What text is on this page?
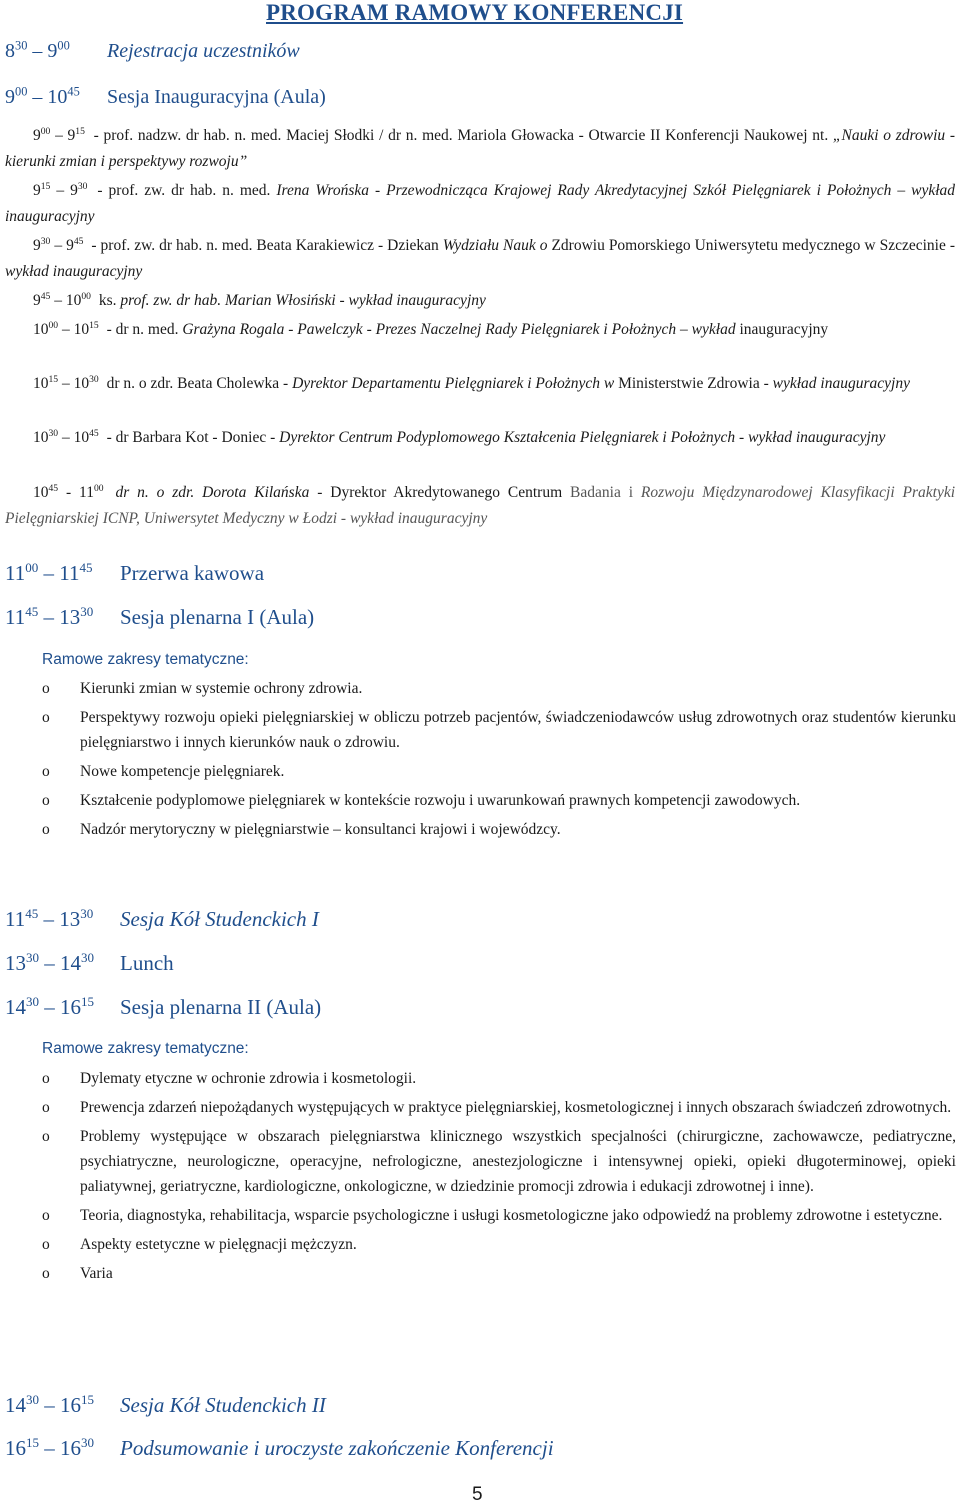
PROGRAM RAMOWY KONFERENCJI
$8^{30} - 9^{00}$ Rejestracja uczestników
$9^{00} - 10^{45}$ Sesja Inauguracyjna (Aula)
$9^{00} - 9^{15}$ - prof. nadzw. dr hab. n. med. Maciej Słodki / dr n. med. Mariola Głowacka - Otwarcie II Konferencji Naukowej nt. „Nauki o zdrowiu - kierunki zmian i perspektywy rozwoju”
$9^{15} - 9^{30}$ - prof. zw. dr hab. n. med. Irena Wrońska - Przewodnicząca Krajowej Rady Akredytacyjnej Szkół Pielęgniarek i Położnych – wykład inauguracyjny
$9^{30} - 9^{45}$ - prof. zw. dr hab. n. med. Beata Karakiewicz - Dziekan Wydziału Nauk o Zdrowiu Pomorskiego Uniwersytetu medycznego w Szczecinie - wykład inauguracyjny
$9^{45} - 10^{00}$ ks. prof. zw. dr hab. Marian Włosiński - wykład inauguracyjny
$10^{00} - 10^{15}$ - dr n. med. Grażyna Rogala - Pawelczyk - Prezes Naczelnej Rady Pielęgniarek i Położnych – wykład inauguracyjny
$10^{15} - 10^{30}$ dr n. o zdr. Beata Cholewka - Dyrektor Departamentu Pielęgniarek i Położnych w Ministerstwie Zdrowia - wykład inauguracyjny
$10^{30} - 10^{45}$ - dr Barbara Kot - Doniec - Dyrektor Centrum Podyplomowego Kształcenia Pielęgniarek i Położnych - wykład inauguracyjny
$10^{45} - 11^{00}$ dr n. o zdr. Dorota Kilańska - Dyrektor Akredytowanego Centrum Badania i Rozwoju Międzynarodowej Klasyfikacji Praktyki Pielęgniarskiej ICNP, Uniwersytet Medyczny w Łodzi - wykład inauguracyjny
$11^{00} - 11^{45}$ Przerwa kawowa
$11^{45} - 13^{30}$ Sesja plenarna I (Aula)
Ramowe zakresy tematyczne:
o Kierunki zmian w systemie ochrony zdrowia.
o Perspektywy rozwoju opieki pielęgniarskiej w obliczu potrzeb pacjentów, świadczeniodawców usług zdrowotnych oraz studentów kierunku pielęgniarstwo i innych kierunków nauk o zdrowiu.
o Nowe kompetencje pielęgniarek.
o Kształcenie podyplomowe pielęgniarek w kontekście rozwoju i uwarunkowań prawnych kompetencji zawodowych.
o Nadzór merytoryczny w pielęgniarstwie – konsultanci krajowi i wojewódzcy.
$11^{45} - 13^{30}$ Sesja Kół Studenckich I
$13^{30} - 14^{30}$ Lunch
$14^{30} - 16^{15}$ Sesja plenarna II (Aula)
Ramowe zakresy tematyczne:
o Dylematy etyczne w ochronie zdrowia i kosmetologii.
o Prewencja zdarzeń niepożądanych występujących w praktyce pielęgniarskiej, kosmetologicznej i innych obszarach świadczeń zdrowotnych.
o Problemy występujące w obszarach pielęgniarstwa klinicznego wszystkich specjalności (chirurgiczne, zachowawcze, pediatryczne, psychiatryczne, neurologiczne, operacyjne, nefrologiczne, anestezjologiczne i intensywnej opieki, opieki długoterminowej, opieki paliatywnej, geriatryczne, kardiologiczne, onkologiczne, w dziedzinie promocji zdrowia i edukacji zdrowotnej i inne).
o Teoria, diagnostyka, rehabilitacja, wsparcie psychologiczne i usługi kosmetologiczne jako odpowiedź na problemy zdrowotne i estetyczne.
o Aspekty estetyczne w pielęgnacji mężczyzn.
o Varia
$14^{30} - 16^{15}$ Sesja Kół Studenckich II
$16^{15} - 16^{30}$ Podsumowanie i uroczyste zakończenie Konferencji
5
